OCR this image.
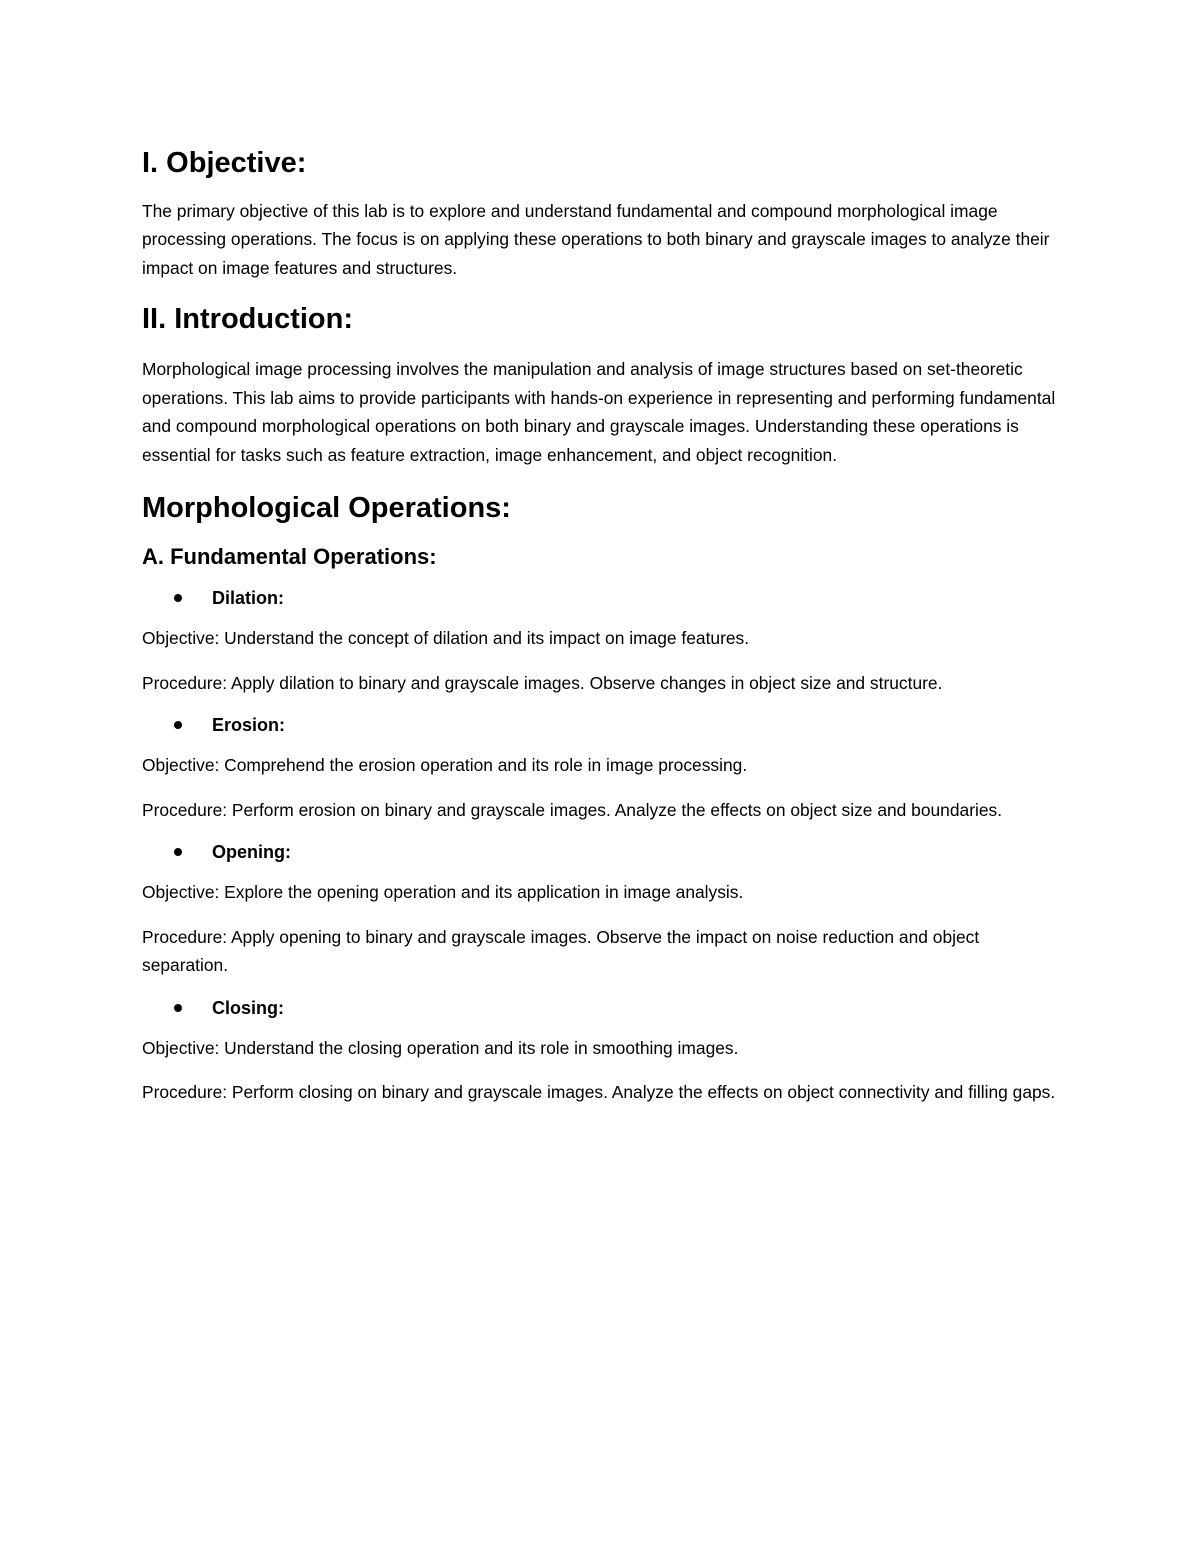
I. Objective:

The primary objective of this lab is to explore and understand fundamental and compound morphological image processing operations. The focus is on applying these operations to both binary and grayscale images to analyze their impact on image features and structures.

II. Introduction:

Morphological image processing involves the manipulation and analysis of image structures based on set-theoretic operations. This lab aims to provide participants with hands-on experience in representing and performing fundamental and compound morphological operations on both binary and grayscale images. Understanding these operations is essential for tasks such as feature extraction, image enhancement, and object recognition.

Morphological Operations:
A. Fundamental Operations:
Dilation:

Objective: Understand the concept of dilation and its impact on image features.

Procedure: Apply dilation to binary and grayscale images. Observe changes in object size and structure.

Erosion:

Objective: Comprehend the erosion operation and its role in image processing.

Procedure: Perform erosion on binary and grayscale images. Analyze the effects on object size and boundaries.

Opening:

Objective: Explore the opening operation and its application in image analysis.

Procedure: Apply opening to binary and grayscale images. Observe the impact on noise reduction and object separation.

Closing:

Objective: Understand the closing operation and its role in smoothing images.

Procedure: Perform closing on binary and grayscale images. Analyze the effects on object connectivity and filling gaps.
